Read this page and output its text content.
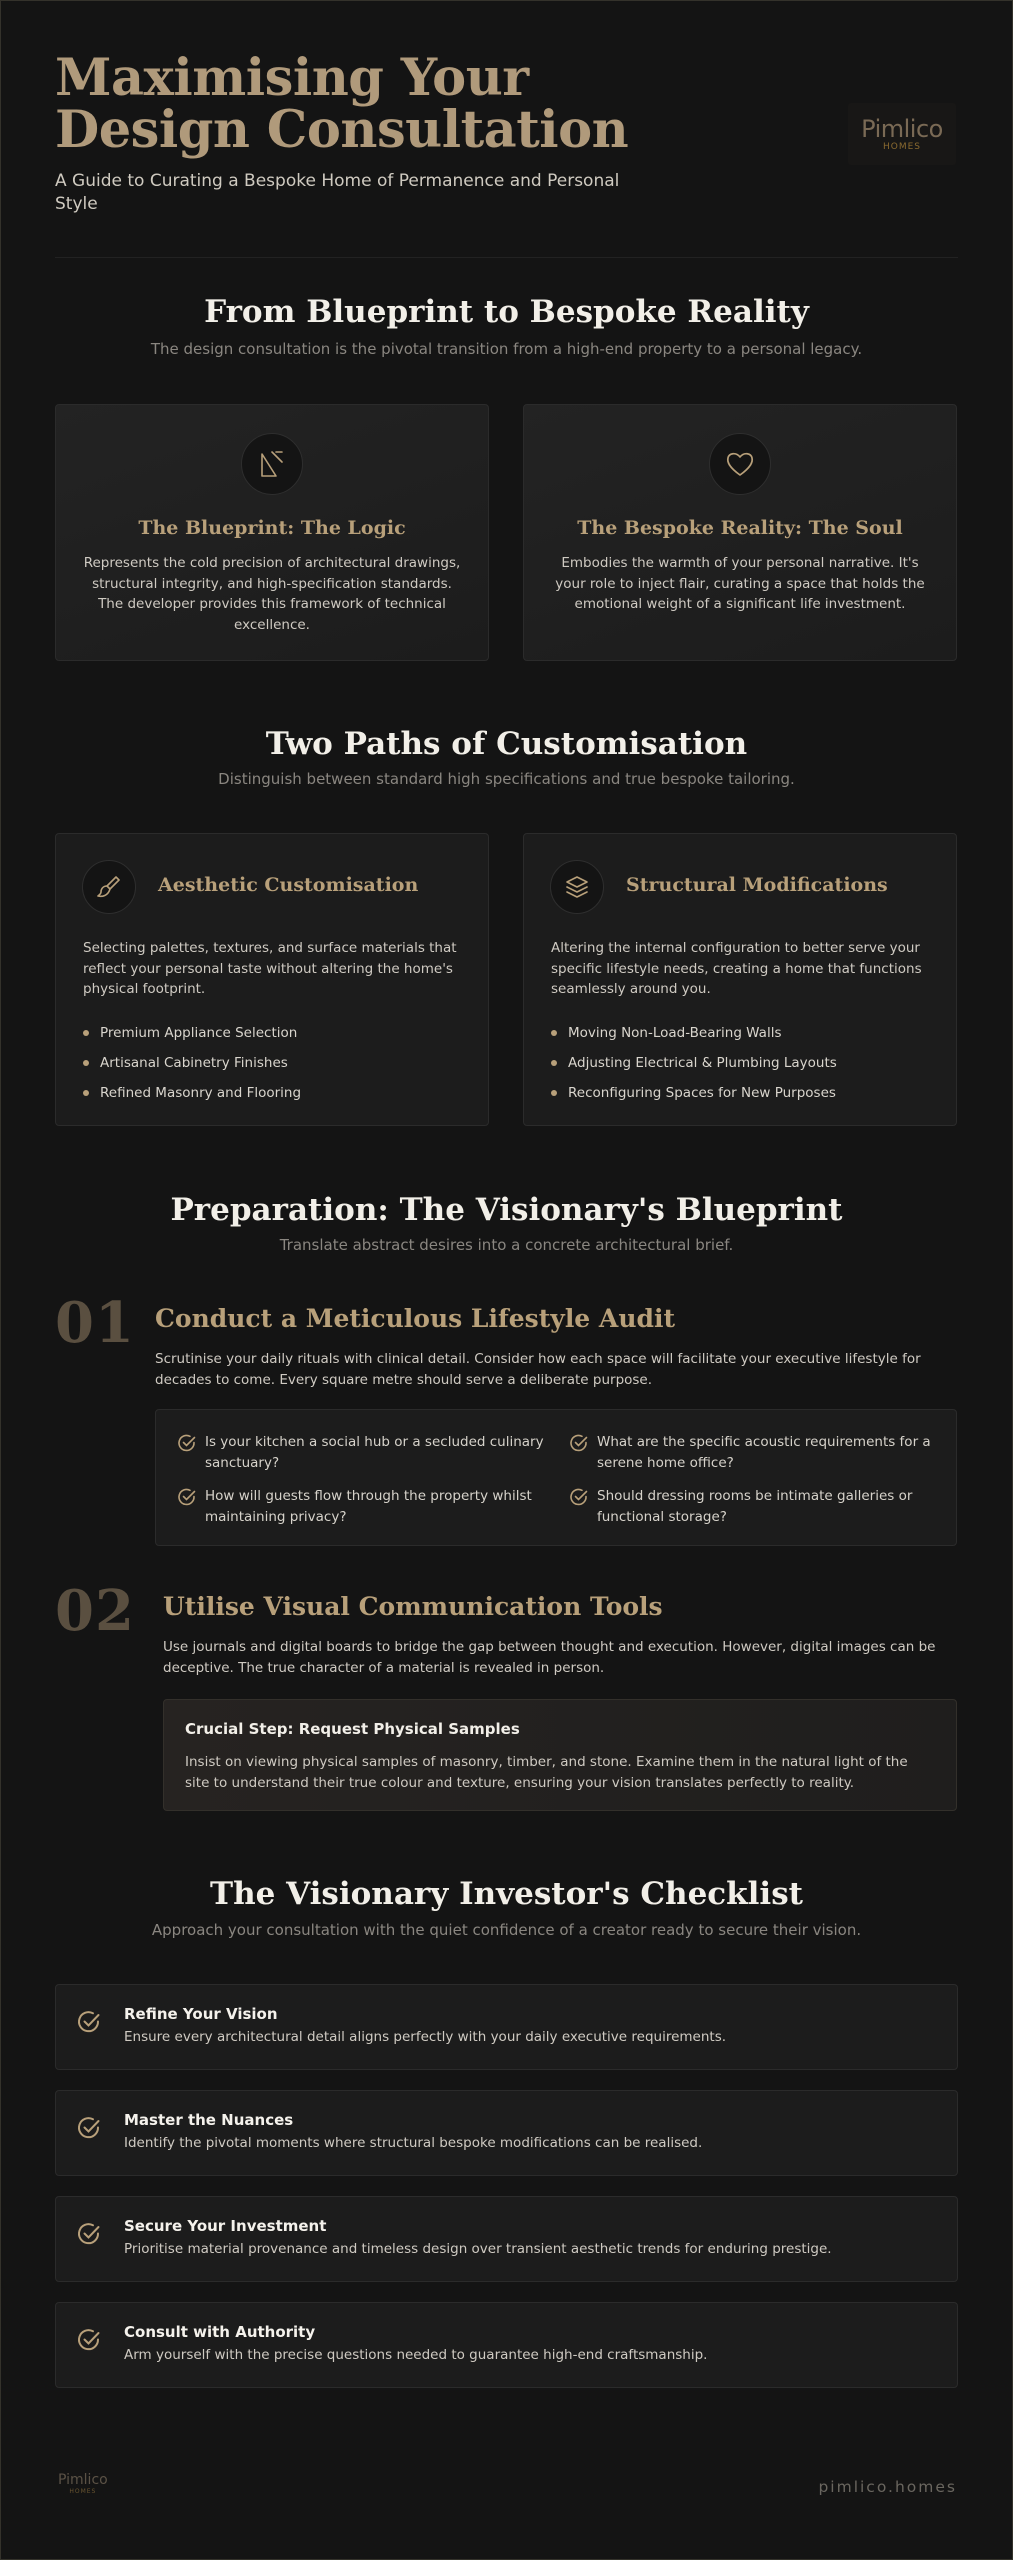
Maximising Your Design Consultation

A Guide to Curating a Bespoke Home of Permanence and Personal Style

Pimlico
HOMES
From Blueprint to Bespoke Reality

The design consultation is the pivotal transition from a high-end property to a personal legacy.

The Blueprint: The Logic

Represents the cold precision of architectural drawings, structural integrity, and high-specification standards. The developer provides this framework of technical excellence.

The Bespoke Reality: The Soul

Embodies the warmth of your personal narrative. It's your role to inject flair, curating a space that holds the emotional weight of a significant life investment.

Two Paths of Customisation

Distinguish between standard high specifications and true bespoke tailoring.

Aesthetic Customisation

Selecting palettes, textures, and surface materials that reflect your personal taste without altering the home's physical footprint.

Premium Appliance Selection
Artisanal Cabinetry Finishes
Refined Masonry and Flooring
Structural Modifications

Altering the internal configuration to better serve your specific lifestyle needs, creating a home that functions seamlessly around you.

Moving Non-Load-Bearing Walls
Adjusting Electrical & Plumbing Layouts
Reconfiguring Spaces for New Purposes
Preparation: The Visionary's Blueprint

Translate abstract desires into a concrete architectural brief.

01 Conduct a Meticulous Lifestyle Audit

Scrutinise your daily rituals with clinical detail. Consider how each space will facilitate your executive lifestyle for decades to come. Every square metre should serve a deliberate purpose.

Is your kitchen a social hub or a secluded culinary sanctuary?
What are the specific acoustic requirements for a serene home office?
How will guests flow through the property whilst maintaining privacy?
Should dressing rooms be intimate galleries or functional storage?
02 Utilise Visual Communication Tools

Use journals and digital boards to bridge the gap between thought and execution. However, digital images can be deceptive. The true character of a material is revealed in person.

Crucial Step: Request Physical Samples

Insist on viewing physical samples of masonry, timber, and stone. Examine them in the natural light of the site to understand their true colour and texture, ensuring your vision translates perfectly to reality.

The Visionary Investor's Checklist

Approach your consultation with the quiet confidence of a creator ready to secure their vision.

Refine Your Vision
Ensure every architectural detail aligns perfectly with your daily executive requirements.
Master the Nuances
Identify the pivotal moments where structural bespoke modifications can be realised.
Secure Your Investment
Prioritise material provenance and timeless design over transient aesthetic trends for enduring prestige.
Consult with Authority
Arm yourself with the precise questions needed to guarantee high-end craftsmanship.
Pimlico
HOMES	pimlico.homes
